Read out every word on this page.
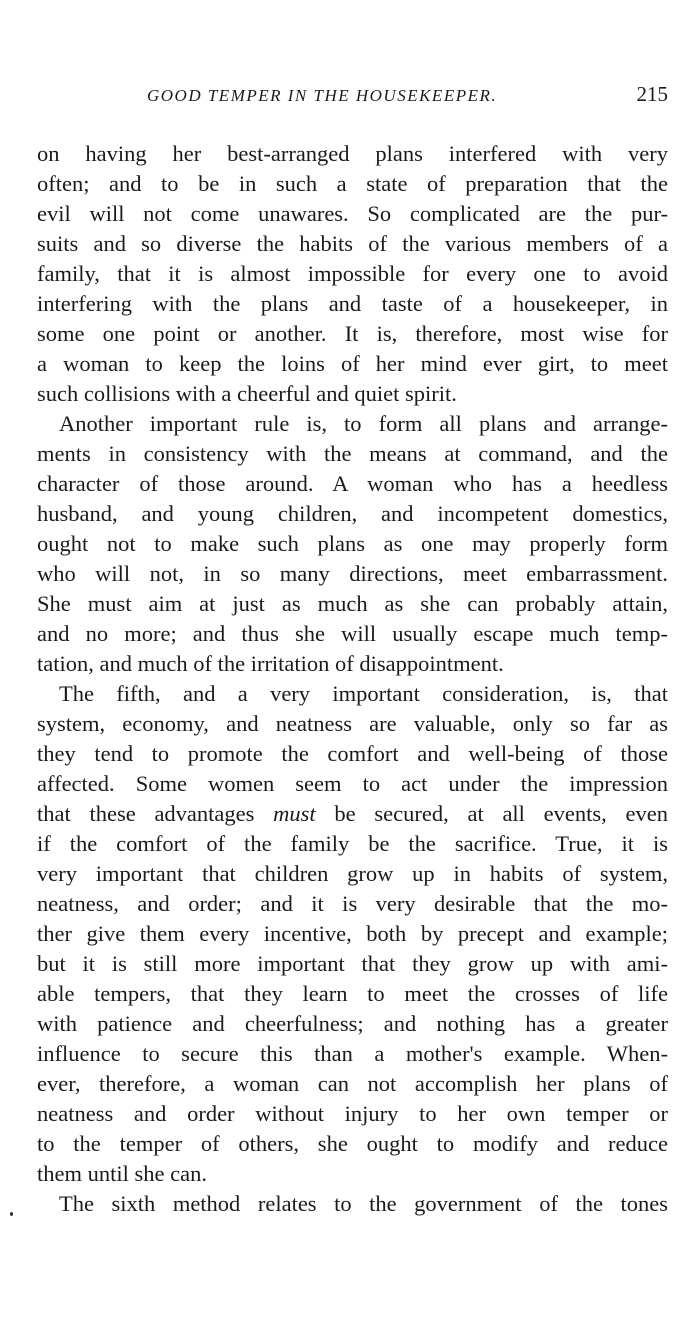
GOOD TEMPER IN THE HOUSEKEEPER.	215
on having her best-arranged plans interfered with very
often; and to be in such a state of preparation that the
evil will not come unawares. So complicated are the pur-
suits and so diverse the habits of the various members of a
family, that it is almost impossible for every one to avoid
interfering with the plans and taste of a housekeeper, in
some one point or another. It is, therefore, most wise for
a woman to keep the loins of her mind ever girt, to meet
such collisions with a cheerful and quiet spirit.
Another important rule is, to form all plans and arrange-
ments in consistency with the means at command, and the
character of those around. A woman who has a heedless
husband, and young children, and incompetent domestics,
ought not to make such plans as one may properly form
who will not, in so many directions, meet embarrassment.
She must aim at just as much as she can probably attain,
and no more; and thus she will usually escape much temp-
tation, and much of the irritation of disappointment.
The fifth, and a very important consideration, is, that
system, economy, and neatness are valuable, only so far as
they tend to promote the comfort and well-being of those
affected. Some women seem to act under the impression
that these advantages must be secured, at all events, even
if the comfort of the family be the sacrifice. True, it is
very important that children grow up in habits of system,
neatness, and order; and it is very desirable that the mo-
ther give them every incentive, both by precept and example;
but it is still more important that they grow up with ami-
able tempers, that they learn to meet the crosses of life
with patience and cheerfulness; and nothing has a greater
influence to secure this than a mother's example. When-
ever, therefore, a woman can not accomplish her plans of
neatness and order without injury to her own temper or
to the temper of others, she ought to modify and reduce
them until she can.
The sixth method relates to the government of the tones
